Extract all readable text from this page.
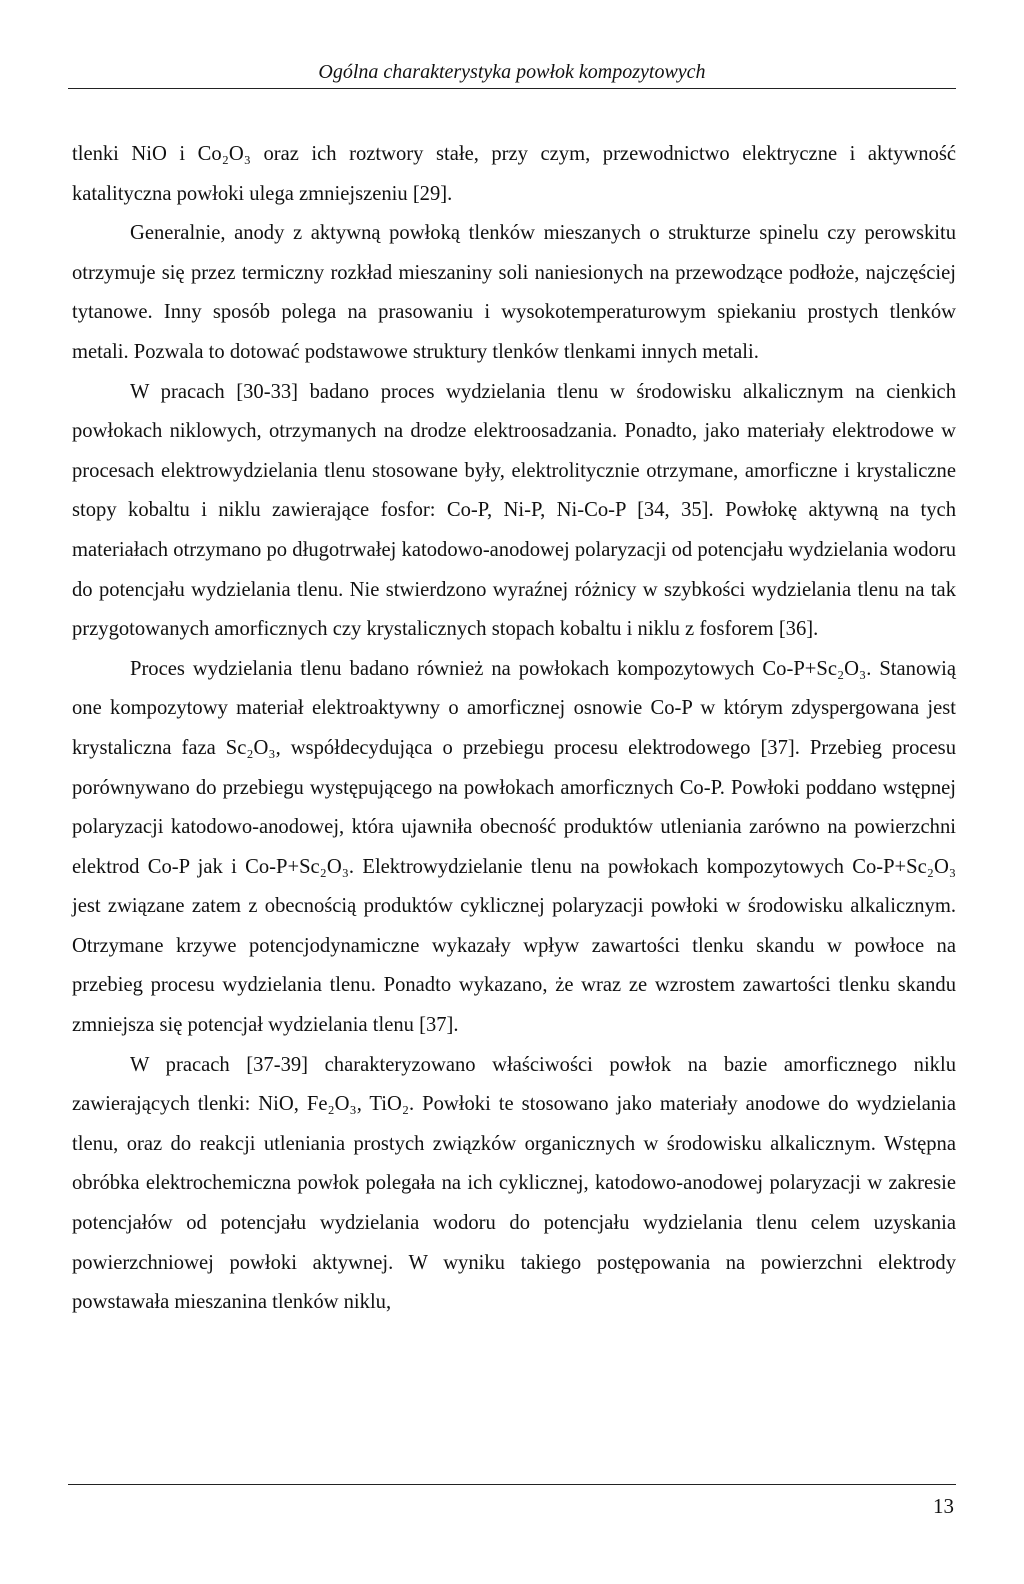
Ogólna charakterystyka powłok kompozytowych

tlenki NiO i Co₂O₃ oraz ich roztwory stałe, przy czym, przewodnictwo elektryczne i aktywność katalityczna powłoki ulega zmniejszeniu [29].

Generalnie, anody z aktywną powłoką tlenków mieszanych o strukturze spinelu czy perowskitu otrzymuje się przez termiczny rozkład mieszaniny soli naniesionych na przewodzące podłoże, najczęściej tytanowe. Inny sposób polega na prasowaniu i wysokotemperaturowym spiekaniu prostych tlenków metali. Pozwala to dotować podstawowe struktury tlenków tlenkami innych metali.

W pracach [30-33] badano proces wydzielania tlenu w środowisku alkalicznym na cienkich powłokach niklowych, otrzymanych na drodze elektroosadzania. Ponadto, jako materiały elektrodowe w procesach elektrowydzielania tlenu stosowane były, elektrolitycznie otrzymane, amorficzne i krystaliczne stopy kobaltu i niklu zawierające fosfor: Co-P, Ni-P, Ni-Co-P [34, 35]. Powłokę aktywną na tych materiałach otrzymano po długotrwałej katodowo-anodowej polaryzacji od potencjału wydzielania wodoru do potencjału wydzielania tlenu. Nie stwierdzono wyraźnej różnicy w szybkości wydzielania tlenu na tak przygotowanych amorficznych czy krystalicznych stopach kobaltu i niklu z fosforem [36].

Proces wydzielania tlenu badano również na powłokach kompozytowych Co-P+Sc₂O₃. Stanowią one kompozytowy materiał elektroaktywny o amorficznej osnowie Co-P w którym zdyspergowana jest krystaliczna faza Sc₂O₃, współdecydująca o przebiegu procesu elektrodowego [37]. Przebieg procesu porównywano do przebiegu występującego na powłokach amorficznych Co-P. Powłoki poddano wstępnej polaryzacji katodowo-anodowej, która ujawniła obecność produktów utleniania zarówno na powierzchni elektrod Co-P jak i Co-P+Sc₂O₃. Elektrowydzielanie tlenu na powłokach kompozytowych Co-P+Sc₂O₃ jest związane zatem z obecnością produktów cyklicznej polaryzacji powłoki w środowisku alkalicznym. Otrzymane krzywe potencjodynamiczne wykazały wpływ zawartości tlenku skandu w powłoce na przebieg procesu wydzielania tlenu. Ponadto wykazano, że wraz ze wzrostem zawartości tlenku skandu zmniejsza się potencjał wydzielania tlenu [37].

W pracach [37-39] charakteryzowano właściwości powłok na bazie amorficznego niklu zawierających tlenki: NiO, Fe₂O₃, TiO₂. Powłoki te stosowano jako materiały anodowe do wydzielania tlenu, oraz do reakcji utleniania prostych związków organicznych w środowisku alkalicznym. Wstępna obróbka elektrochemiczna powłok polegała na ich cyklicznej, katodowo-anodowej polaryzacji w zakresie potencjałów od potencjału wydzielania wodoru do potencjału wydzielania tlenu celem uzyskania powierzchniowej powłoki aktywnej. W wyniku takiego postępowania na powierzchni elektrody powstawała mieszanina tlenków niklu,

13
